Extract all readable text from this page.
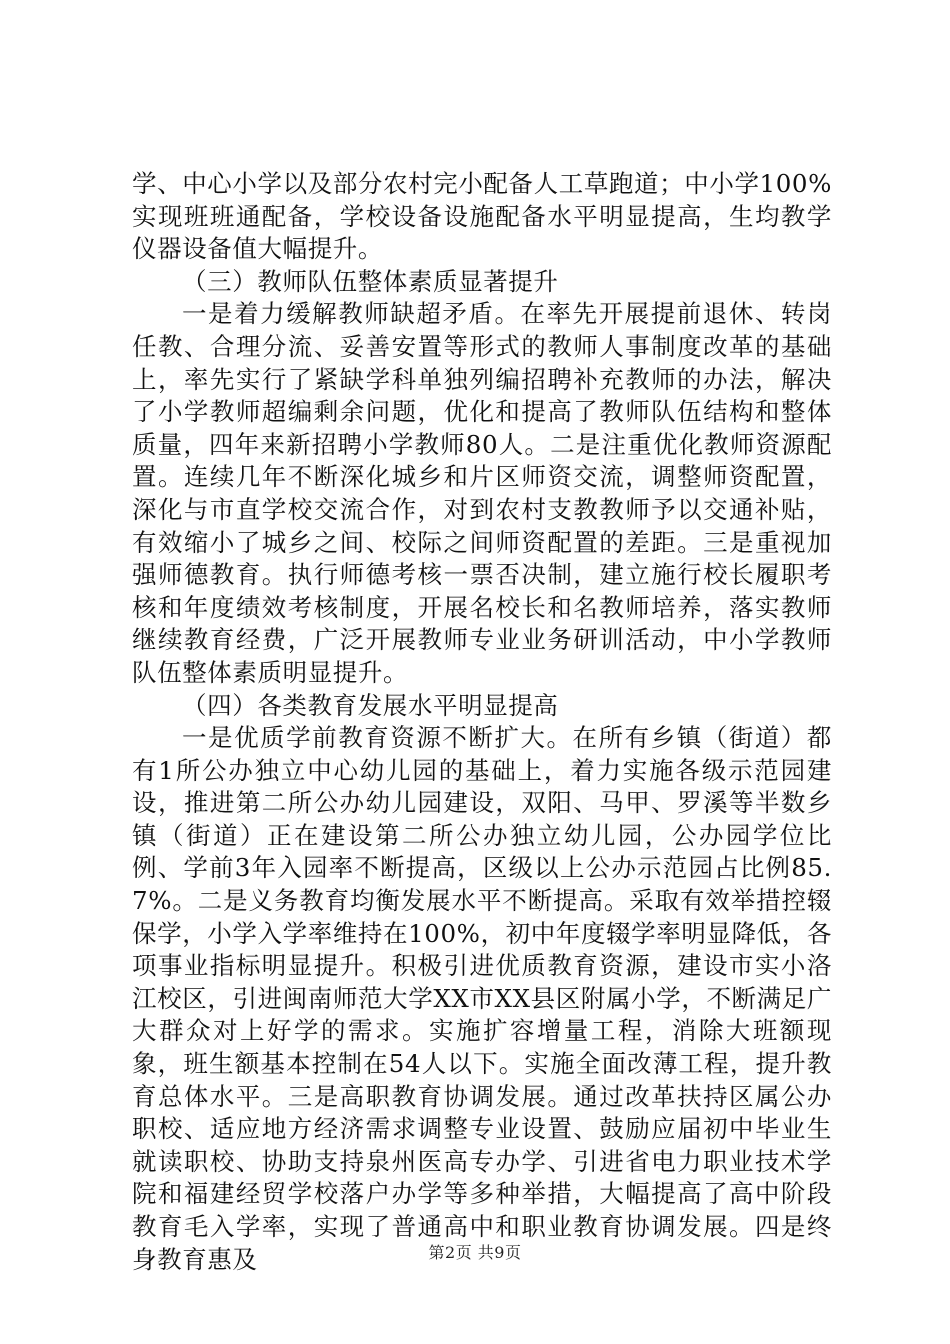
学、中心小学以及部分农村完小配备人工草跑道；中小学100%实现班班通配备，学校设备设施配备水平明显提高，生均教学仪器设备值大幅提升。

（三）教师队伍整体素质显著提升

一是着力缓解教师缺超矛盾。在率先开展提前退休、转岗任教、合理分流、妥善安置等形式的教师人事制度改革的基础上，率先实行了紧缺学科单独列编招聘补充教师的办法，解决了小学教师超编剩余问题，优化和提高了教师队伍结构和整体质量，四年来新招聘小学教师80人。二是注重优化教师资源配置。连续几年不断深化城乡和片区师资交流，调整师资配置，深化与市直学校交流合作，对到农村支教教师予以交通补贴，有效缩小了城乡之间、校际之间师资配置的差距。三是重视加强师德教育。执行师德考核一票否决制，建立施行校长履职考核和年度绩效考核制度，开展名校长和名教师培养，落实教师继续教育经费，广泛开展教师专业业务研训活动，中小学教师队伍整体素质明显提升。

（四）各类教育发展水平明显提高

一是优质学前教育资源不断扩大。在所有乡镇（街道）都有1所公办独立中心幼儿园的基础上，着力实施各级示范园建设，推进第二所公办幼儿园建设，双阳、马甲、罗溪等半数乡镇（街道）正在建设第二所公办独立幼儿园，公办园学位比例、学前3年入园率不断提高，区级以上公办示范园占比例85.7%。二是义务教育均衡发展水平不断提高。采取有效举措控辍保学，小学入学率维持在100%，初中年度辍学率明显降低，各项事业指标明显提升。积极引进优质教育资源，建设市实小洛江校区，引进闽南师范大学XX市XX县区附属小学，不断满足广大群众对上好学的需求。实施扩容增量工程，消除大班额现象，班生额基本控制在54人以下。实施全面改薄工程，提升教育总体水平。三是高职教育协调发展。通过改革扶持区属公办职校、适应地方经济需求调整专业设置、鼓励应届初中毕业生就读职校、协助支持泉州医高专办学、引进省电力职业技术学院和福建经贸学校落户办学等多种举措，大幅提高了高中阶段教育毛入学率，实现了普通高中和职业教育协调发展。四是终身教育惠及	第2页 共9页
